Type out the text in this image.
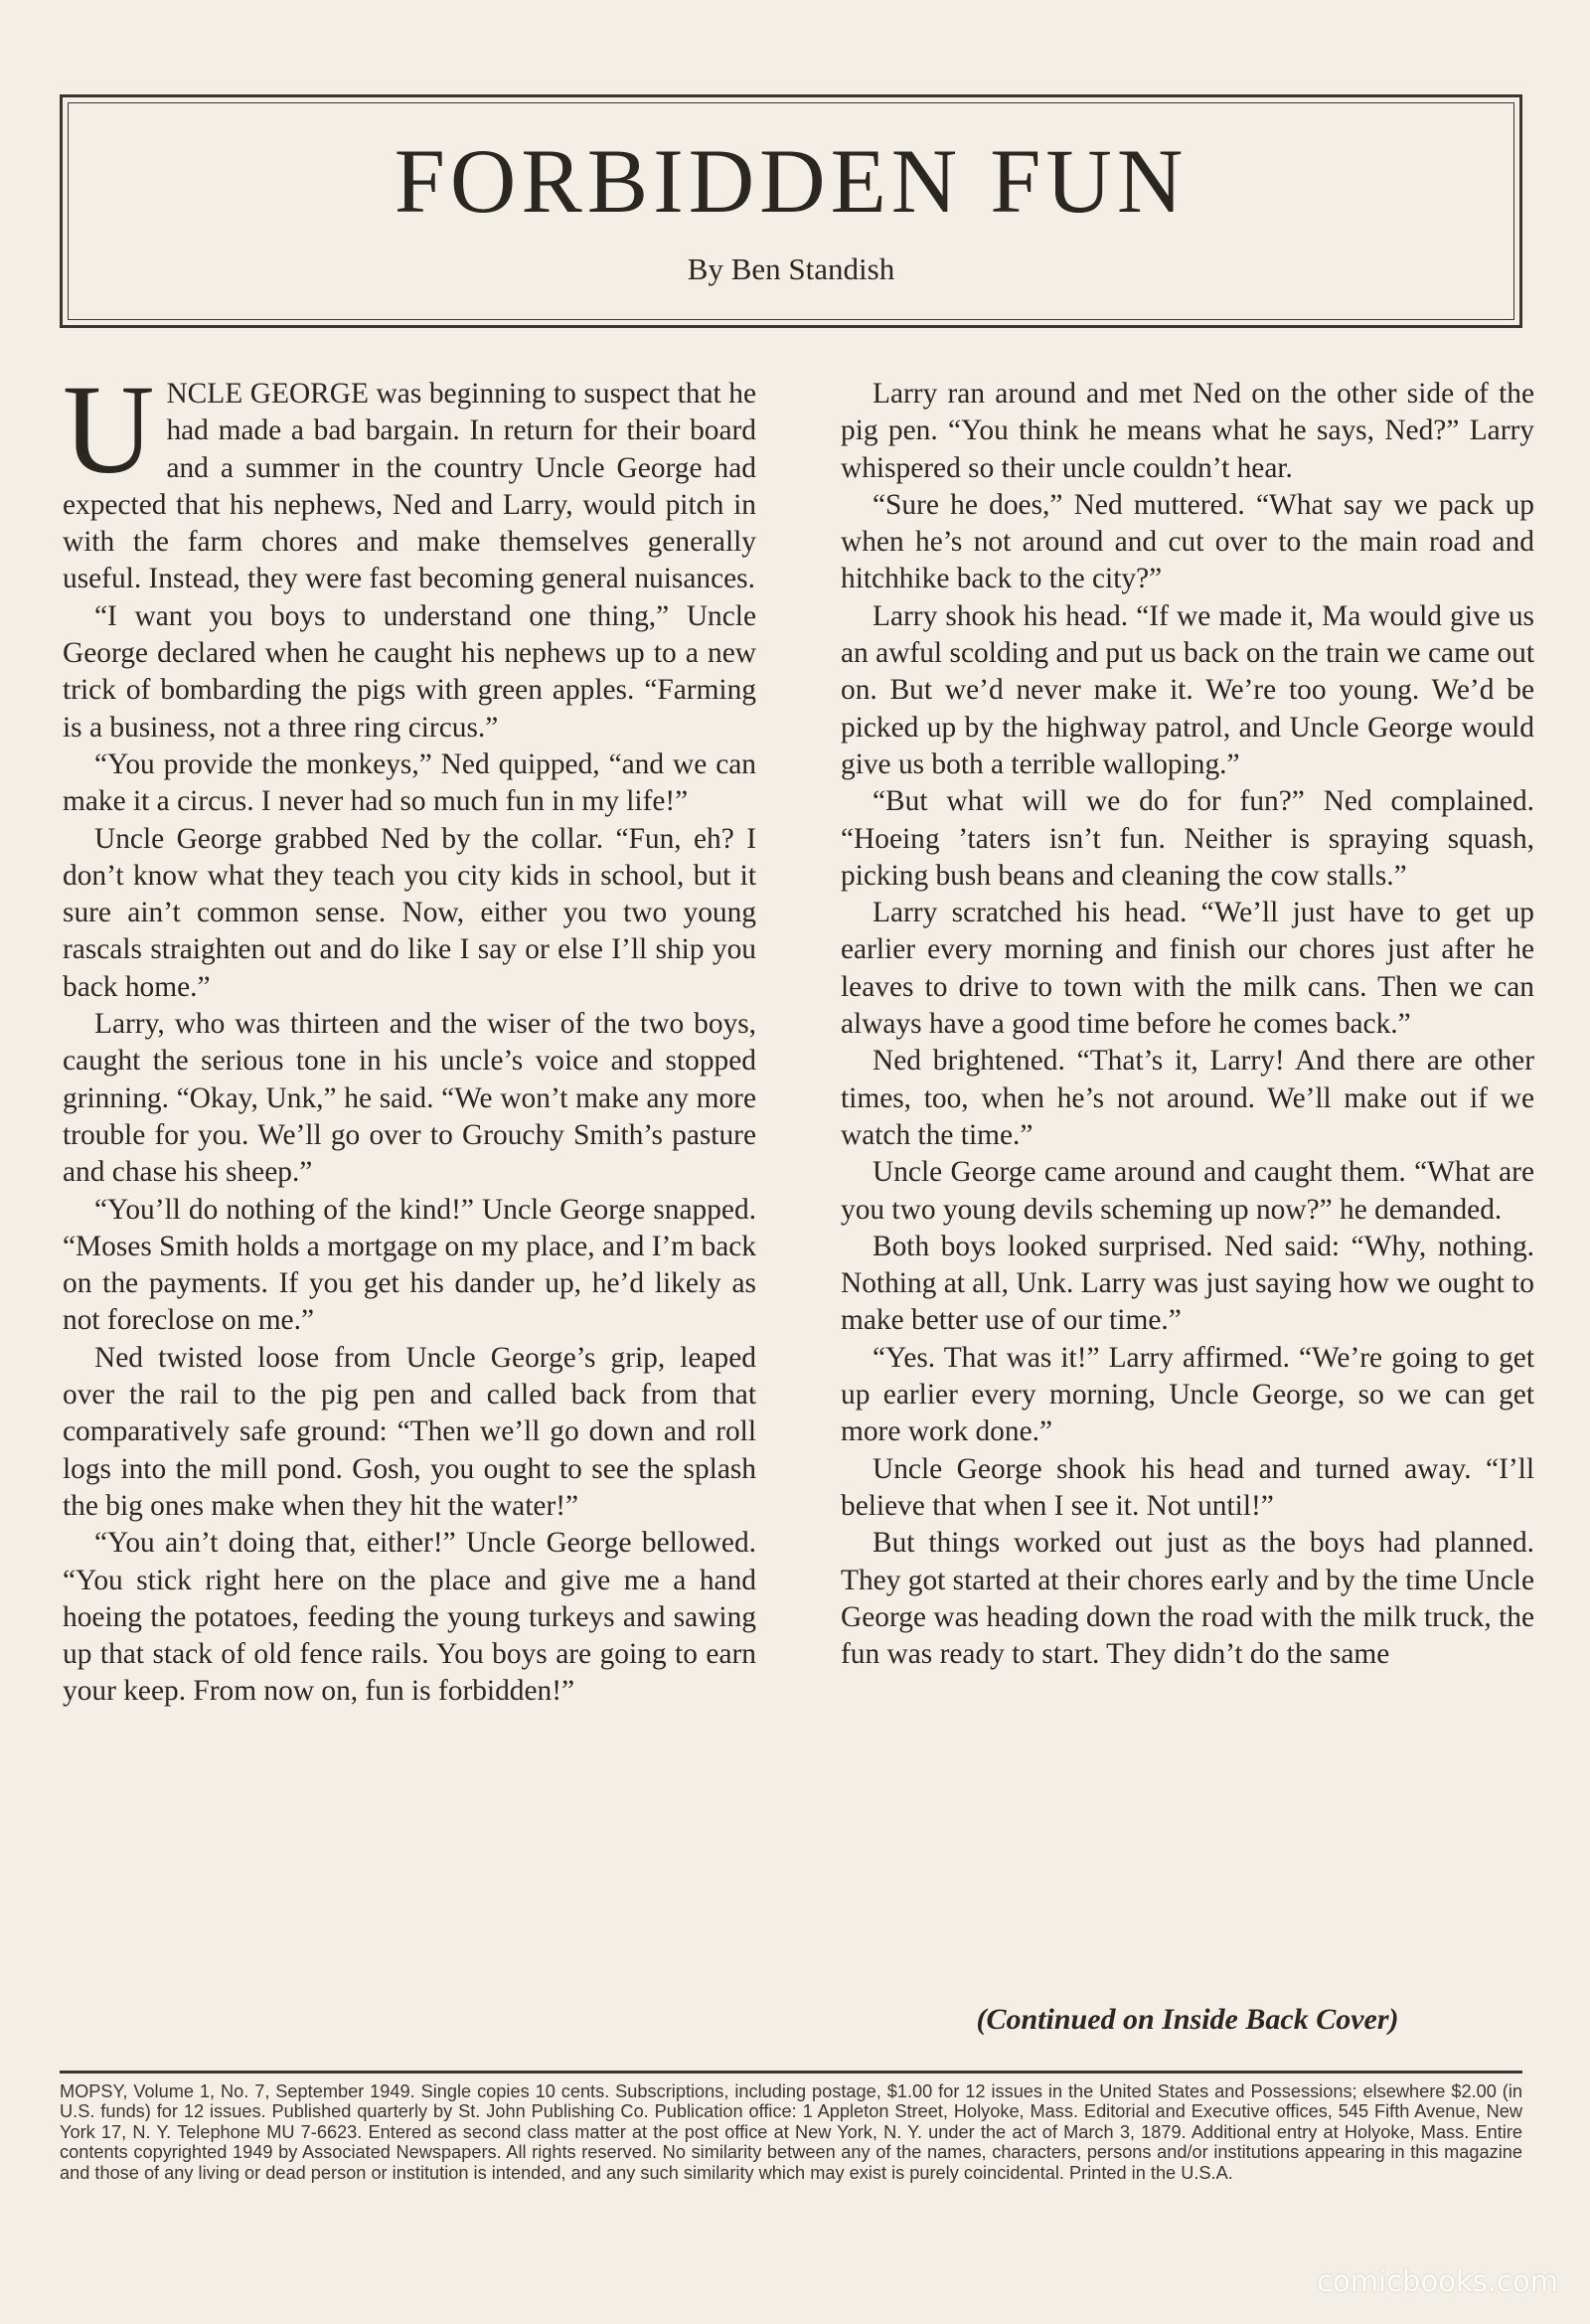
FORBIDDEN FUN
By Ben Standish

UNCLE GEORGE was beginning to suspect that he had made a bad bargain. In return for their board and a summer in the country Uncle George had expected that his nephews, Ned and Larry, would pitch in with the farm chores and make themselves generally useful. Instead, they were fast becoming general nuisances.

“I want you boys to understand one thing,” Uncle George declared when he caught his nephews up to a new trick of bombarding the pigs with green apples. “Farming is a business, not a three ring circus.”

“You provide the monkeys,” Ned quipped, “and we can make it a circus. I never had so much fun in my life!”

Uncle George grabbed Ned by the collar. “Fun, eh? I don’t know what they teach you city kids in school, but it sure ain’t common sense. Now, either you two young rascals straighten out and do like I say or else I’ll ship you back home.”

Larry, who was thirteen and the wiser of the two boys, caught the serious tone in his uncle’s voice and stopped grinning. “Okay, Unk,” he said. “We won’t make any more trouble for you. We’ll go over to Grouchy Smith’s pasture and chase his sheep.”

“You’ll do nothing of the kind!” Uncle George snapped. “Moses Smith holds a mortgage on my place, and I’m back on the payments. If you get his dander up, he’d likely as not foreclose on me.”

Ned twisted loose from Uncle George’s grip, leaped over the rail to the pig pen and called back from that comparatively safe ground: “Then we’ll go down and roll logs into the mill pond. Gosh, you ought to see the splash the big ones make when they hit the water!”

“You ain’t doing that, either!” Uncle George bellowed. “You stick right here on the place and give me a hand hoeing the potatoes, feeding the young turkeys and sawing up that stack of old fence rails. You boys are going to earn your keep. From now on, fun is forbidden!”

Larry ran around and met Ned on the other side of the pig pen. “You think he means what he says, Ned?” Larry whispered so their uncle couldn’t hear.

“Sure he does,” Ned muttered. “What say we pack up when he’s not around and cut over to the main road and hitchhike back to the city?”

Larry shook his head. “If we made it, Ma would give us an awful scolding and put us back on the train we came out on. But we’d never make it. We’re too young. We’d be picked up by the highway patrol, and Uncle George would give us both a terrible walloping.”

“But what will we do for fun?” Ned complained. “Hoeing ’taters isn’t fun. Neither is spraying squash, picking bush beans and cleaning the cow stalls.”

Larry scratched his head. “We’ll just have to get up earlier every morning and finish our chores just after he leaves to drive to town with the milk cans. Then we can always have a good time before he comes back.”

Ned brightened. “That’s it, Larry! And there are other times, too, when he’s not around. We’ll make out if we watch the time.”

Uncle George came around and caught them. “What are you two young devils scheming up now?” he demanded.

Both boys looked surprised. Ned said: “Why, nothing. Nothing at all, Unk. Larry was just saying how we ought to make better use of our time.”

“Yes. That was it!” Larry affirmed. “We’re going to get up earlier every morning, Uncle George, so we can get more work done.”

Uncle George shook his head and turned away. “I’ll believe that when I see it. Not until!”

But things worked out just as the boys had planned. They got started at their chores early and by the time Uncle George was heading down the road with the milk truck, the fun was ready to start. They didn’t do the same

(Continued on Inside Back Cover)
MOPSY, Volume 1, No. 7, September 1949. Single copies 10 cents. Subscriptions, including postage, $1.00 for 12 issues in the United States and Possessions; elsewhere $2.00 (in U.S. funds) for 12 issues. Published quarterly by St. John Publishing Co. Publication office: 1 Appleton Street, Holyoke, Mass. Editorial and Executive offices, 545 Fifth Avenue, New York 17, N. Y. Telephone MU 7-6623. Entered as second class matter at the post office at New York, N. Y. under the act of March 3, 1879. Additional entry at Holyoke, Mass. Entire contents copyrighted 1949 by Associated Newspapers. All rights reserved. No similarity between any of the names, characters, persons and/or institutions appearing in this magazine and those of any living or dead person or institution is intended, and any such similarity which may exist is purely coincidental. Printed in the U.S.A.
comicbooks.com
